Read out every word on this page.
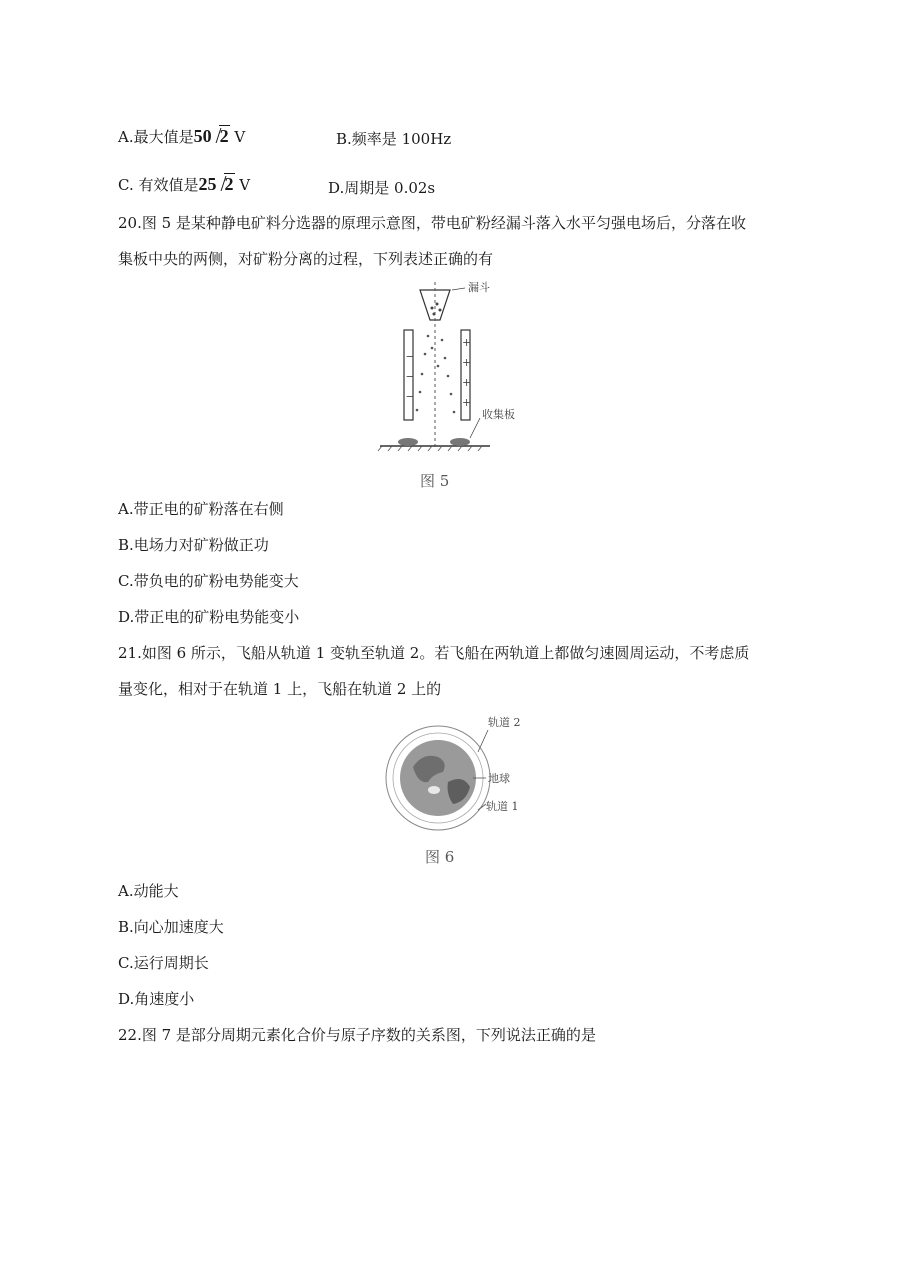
A.最大值是50 2 V	B.频率是 100Hz
C. 有效值是25 2 V	D.周期是 0.02s
20.图 5 是某种静电矿料分选器的原理示意图，带电矿粉经漏斗落入水平匀强电场后，分落在收
集板中央的两侧，对矿粉分离的过程，下列表述正确的有
漏斗
−
−
−
+
+
+
+
收集板
图 5
A.带正电的矿粉落在右侧
B.电场力对矿粉做正功
C.带负电的矿粉电势能变大
D.带正电的矿粉电势能变小
21.如图 6 所示，飞船从轨道 1 变轨至轨道 2。若飞船在两轨道上都做匀速圆周运动，不考虑质
量变化，相对于在轨道 1 上，飞船在轨道 2 上的
轨道 2
地球
轨道 1
图 6
A.动能大
B.向心加速度大
C.运行周期长
D.角速度小
22.图 7 是部分周期元素化合价与原子序数的关系图，下列说法正确的是
